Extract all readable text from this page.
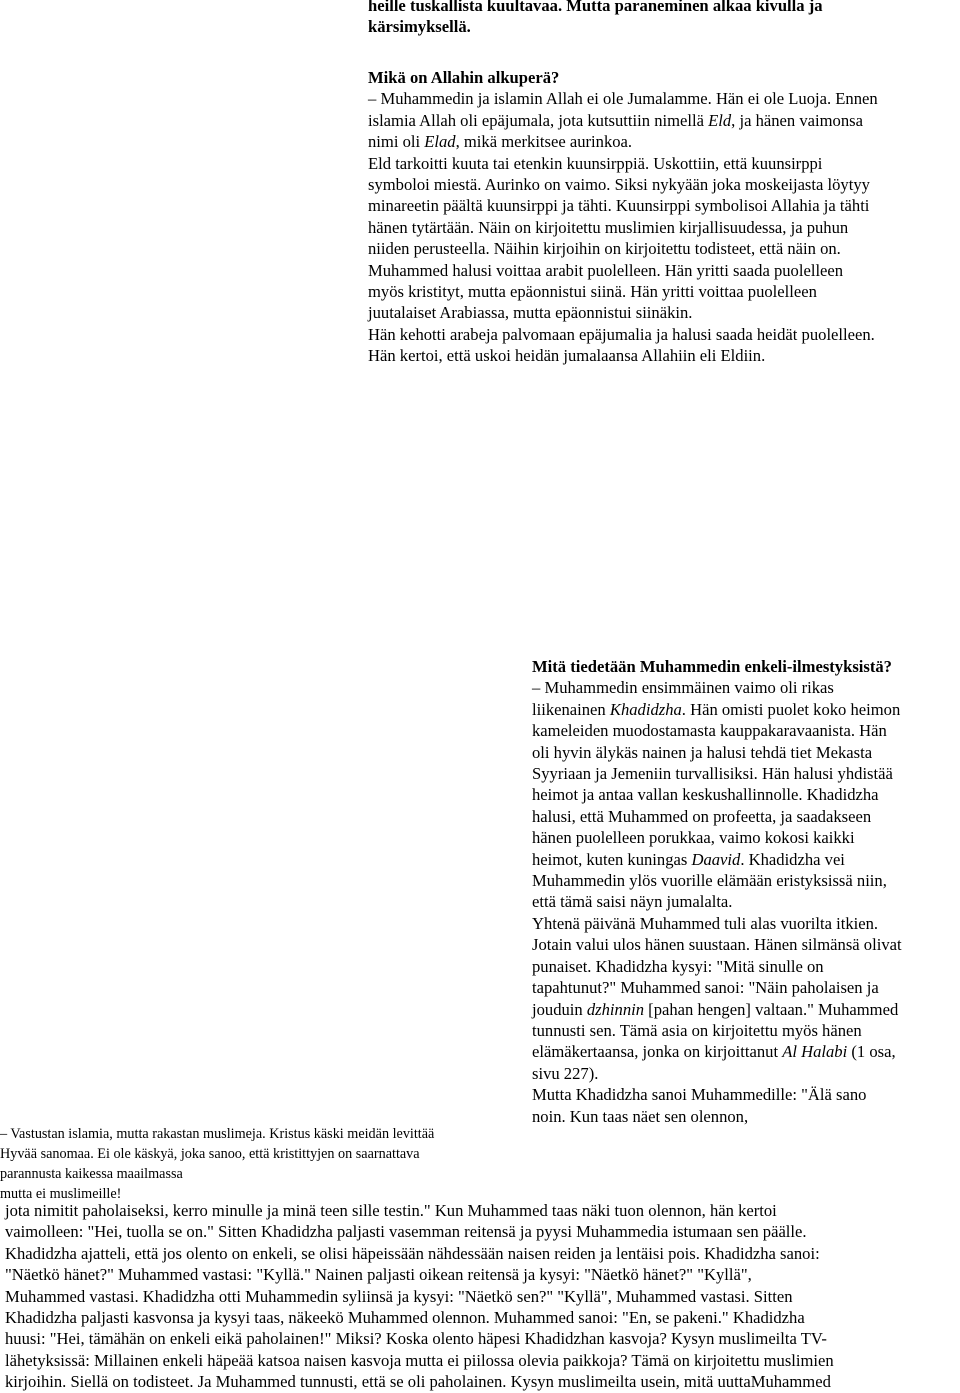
heille tuskallista kuultavaa. Mutta paraneminen alkaa kivulla ja
kärsimyksellä.
Mikä on Allahin alkuperä?
– Muhammedin ja islamin Allah ei ole Jumalamme. Hän ei ole Luoja. Ennen
islamia Allah oli epäjumala, jota kutsuttiin nimellä Eld, ja hänen vaimonsa
nimi oli Elad, mikä merkitsee aurinkoa.
Eld tarkoitti kuuta tai etenkin kuunsirppiä. Uskottiin, että kuunsirppi
symboloi miestä. Aurinko on vaimo. Siksi nykyään joka moskeijasta löytyy
minareetin päältä kuunsirppi ja tähti. Kuunsirppi symbolisoi Allahia ja tähti
hänen tytärtään. Näin on kirjoitettu muslimien kirjallisuudessa, ja puhun
niiden perusteella. Näihin kirjoihin on kirjoitettu todisteet, että näin on.
Muhammed halusi voittaa arabit puolelleen. Hän yritti saada puolelleen
myös kristityt, mutta epäonnistui siinä. Hän yritti voittaa puolelleen
juutalaiset Arabiassa, mutta epäonnistui siinäkin.
Hän kehotti arabeja palvomaan epäjumalia ja halusi saada heidät puolelleen.
Hän kertoi, että uskoi heidän jumalaansa Allahiin eli Eldiin.
Mitä tiedetään Muhammedin enkeli-ilmestyksistä?
– Muhammedin ensimmäinen vaimo oli rikas
liikenainen Khadidzha. Hän omisti puolet koko heimon
kameleiden muodostamasta kauppakaravaanista. Hän
oli hyvin älykäs nainen ja halusi tehdä tiet Mekasta
Syyriaan ja Jemeniin turvallisiksi. Hän halusi yhdistää
heimot ja antaa vallan keskushallinnolle. Khadidzha
halusi, että Muhammed on profeetta, ja saadakseen
hänen puolelleen porukkaa, vaimo kokosi kaikki
heimot, kuten kuningas Daavid. Khadidzha vei
Muhammedin ylös vuorille elämään eristyksissä niin,
että tämä saisi näyn jumalalta.
Yhtenä päivänä Muhammed tuli alas vuorilta itkien.
Jotain valui ulos hänen suustaan. Hänen silmänsä olivat
punaiset. Khadidzha kysyi: "Mitä sinulle on
tapahtunut?" Muhammed sanoi: "Näin paholaisen ja
jouduin dzhinnin [pahan hengen] valtaan." Muhammed
tunnusti sen. Tämä asia on kirjoitettu myös hänen
elämäkertaansa, jonka on kirjoittanut Al Halabi (1 osa,
sivu 227).
Mutta Khadidzha sanoi Muhammedille: "Älä sano
noin. Kun taas näet sen olennon,
– Vastustan islamia, mutta rakastan muslimeja. Kristus käski meidän levittää
Hyvää sanomaa. Ei ole käskyä, joka sanoo, että kristittyjen on saarnattava
parannusta kaikessa maailmassa
mutta ei muslimeille!
jota nimitit paholaiseksi, kerro minulle ja minä teen sille testin." Kun Muhammed taas näki tuon olennon, hän kertoi
vaimolleen: "Hei, tuolla se on." Sitten Khadidzha paljasti vasemman reitensä ja pyysi Muhammedia istumaan sen päälle.
Khadidzha ajatteli, että jos olento on enkeli, se olisi häpeissään nähdessään naisen reiden ja lentäisi pois. Khadidzha sanoi:
"Näetkö hänet?" Muhammed vastasi: "Kyllä." Nainen paljasti oikean reitensä ja kysyi: "Näetkö hänet?" "Kyllä",
Muhammed vastasi. Khadidzha otti Muhammedin syliinsä ja kysyi: "Näetkö sen?" "Kyllä", Muhammed vastasi. Sitten
Khadidzha paljasti kasvonsa ja kysyi taas, näkeekö Muhammed olennon. Muhammed sanoi: "En, se pakeni." Khadidzha
huusi: "Hei, tämähän on enkeli eikä paholainen!" Miksi? Koska olento häpesi Khadidzhan kasvoja? Kysyn muslimeilta TV-
lähetyksissä: Millainen enkeli häpeää katsoa naisen kasvoja mutta ei piilossa olevia paikkoja? Tämä on kirjoitettu muslimien
kirjoihin. Siellä on todisteet. Ja Muhammed tunnusti, että se oli paholainen. Kysyn muslimeilta usein, mitä uuttaMuhammed
